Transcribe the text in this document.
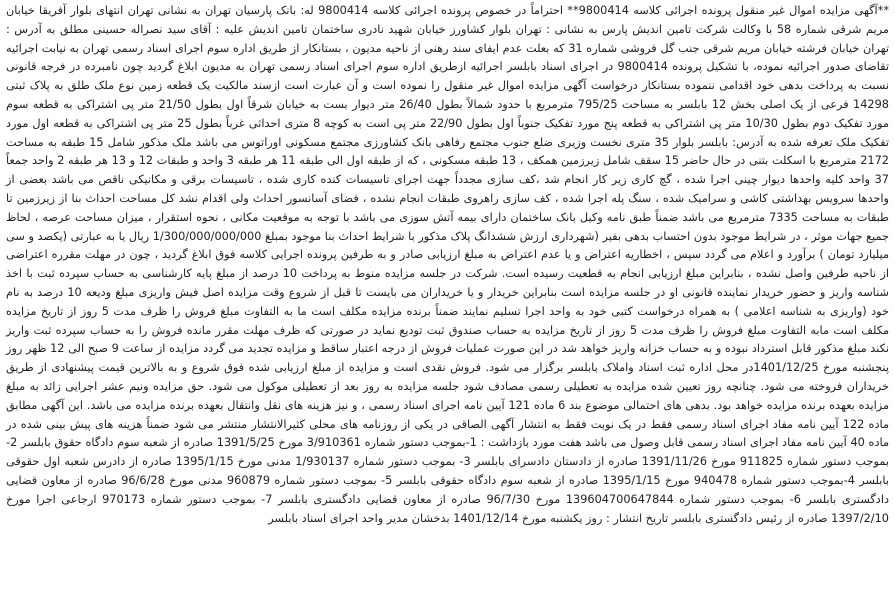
**آگهی مزایده اموال غیر منقول پرونده اجرائی کلاسه 9800414** احتراماً در خصوص پرونده اجرائی کلاسه 9800414 له: بانک پارسیان تهران به نشانی تهران انتهای بلوار آفریقا خیابان مریم شرقی شماره 58 با وکالت شرکت تامین اندیش پارس به نشانی : تهران بلوار کشاورز خیابان شهید نادری ساختمان تامین اندیش علیه : آقای سید نصراله حسینی مطلق به آدرس : تهران خیابان فرشته خیابان مریم شرقی جنب گل فروشی شماره 31 که بعلت عدم ایفای سند رهنی از ناحیه مدیون ، بستانکار از طریق اداره سوم اجرای اسناد رسمی تهران به نیابت اجرائیه تقاضای صدور اجرائیه نموده، با تشکیل پرونده 9800414 در اجرای اسناد بابلسر اجرائیه ازطریق اداره سوم اجرای اسناد رسمی تهران به مدیون ابلاغ گردید چون نامبرده در فرجه قانونی نسبت به پرداخت بدهی خود اقدامی ننموده بستانکار درخواست آگهی مزایده اموال غیر منقول را نموده است و آن عبارت است ازسند مالکیت یک قطعه زمین نوع ملک طلق به پلاک ثبتی 14298 فرعی از یک اصلی بخش 12 بابلسر به مساحت 795/25 مترمربع با حدود شمالاً بطول 26/40 متر دیوار بست به خیابان شرقاً اول بطول 21/50 متر پی اشتراکی به قطعه سوم مورد تفکیک دوم بطول 10/30 متر پی اشتراکی به قطعه پنج مورد تفکیک جنوباً اول بطول 22/90 متر پی است به کوچه 8 متری احداثی غرباً بطول 25 متر پی اشتراکی به قطعه اول مورد تفکیک ملک تعرفه شده به آدرس: بابلسر بلوار 35 متری نخست وزیری ضلع جنوب مجتمع رفاهی بانک کشاورزی مجتمع مسکونی اوراتوس می باشد ملک مذکور شامل 15 طبقه به مساحت 2172 مترمربع با اسکلت بتنی در حال حاضر 15 سقف شامل زیرزمین همکف ، 13 طبقه مسکونی ، که از طبقه اول الی طبقه 11 هر طبقه 3 واحد و طبقات 12 و 13 هر طبقه 2 واحد جمعاً 37 واحد کلیه واحدها دیوار چینی اجرا شده ، گچ کاری زیر کار انجام شد ،کف سازی مجدداً جهت اجرای تاسیسات کنده کاری شده ، تاسیسات برقی و مکانیکی ناقص می باشد بعضی از واحدها سرویس بهداشتی کاشی و سرامیک شده ، سنگ پله اجرا شده ، کف سازی راهروی طبقات انجام نشده ، فضای آسانسور احداث ولی اقدام نشد کل مساحت احداث بنا از زیرزمین تا طبقات به مساحت 7335 مترمربع می باشد ضمناً طبق نامه وکیل بانک ساختمان دارای بیمه آتش سوزی می باشد با توجه به موقعیت مکانی ، نحوه استقرار ، میزان مساحت عرصه ، لحاظ جمیع جهات موثر ، در شرایط موجود بدون احتساب بدهی بفیر (شهرداری ارزش ششدانگ پلاک مذکور با شرایط احداث بنا موجود بمبلغ 1/300/000/000/000 ریال یا به عبارتی (یکصد و سی میلیارد تومان ) برآورد و اعلام می گردد سپس ، اخطاریه اعتراض و یا عدم اعتراض به مبلغ ارزیابی صادر و به طرفین پرونده اجرایی کلاسه فوق ابلاغ گردید ، چون در مهلت مقرره اعتراضی از ناحیه طرفین واصل نشده ، بنابراین مبلغ ارزیابی انجام به قطعیت رسیده است. شرکت در جلسه مزایده منوط به پرداخت 10 درصد از مبلغ پایه کارشناسی به حساب سپرده ثبت با اخذ شناسه واریز و حضور خریدار نماینده قانونی او در جلسه مزایده است بنابراین خریدار و یا خریداران می بایست تا قبل از شروع وقت مزایده اصل فیش واریزی مبلغ ودیعه 10 درصد به نام خود (واریزی به شناسه اعلامی ) به همراه درخواست کتبی خود به واحد اجرا تسلیم نمایند ضمناً برنده مزایده مکلف است ما به التفاوت مبلغ فروش را ظرف مدت 5 روز از تاریخ مزایده مکلف است مابه التفاوت مبلغ فروش را ظرف مدت 5 روز از تاریخ مزایده به حساب صندوق ثبت تودیع نماید در صورتی که ظرف مهلت مقرر مانده فروش را به حساب سپرده ثبت واریز نکند مبلغ مذکور قابل استرداد نبوده و به حساب خزانه واریز خواهد شد در این صورت عملیات فروش از درجه اعتبار ساقط و مزایده تجدید می گردد مزایده از ساعت 9 صبح الی 12 ظهر روز پنجشنبه مورخ 1401/12/25در محل اداره ثبت اسناد واملاک بابلسر برگزار می شود. فروش نقدی است و مزایده از مبلغ ارزیابی شده فوق شروع و به بالاترین قیمت پیشنهادی از طریق خریداران فروخته می شود. چنانچه روز تعیین شده مزایده به تعطیلی رسمی مصادف شود جلسه مزایده به روز بعد از تعطیلی موکول می شود. حق مزایده ونیم عشر اجرایی زائد به مبلغ مزایده بعهده برنده مزایده خواهد بود. بدهی های احتمالی موضوع بند 6 ماده 121 آیین نامه اجرای اسناد رسمی ، و نیز هزینه های نقل وانتقال بعهده برنده مزایده می باشد. این آگهی مطابق ماده 122 آیین نامه مفاد اجرای اسناد رسمی فقط در یک نوبت فقط به انتشار آگهی الصاقی در یکی از روزنامه های محلی کثیرالانتشار منتشر می شود ضمناً هزینه های پیش بینی شده در ماده 40 آیین نامه مفاد اجرای اسناد رسمی قابل وصول می باشد هفت مورد بازداشت : 1-بموجب دستور شماره 3/910361 مورخ 1391/5/25 صادره از شعبه سوم دادگاه حقوق بابلسر 2-بموجب دستور شماره 911825 مورخ 1391/11/26 صادره از دادستان دادسرای بابلسر 3- بموجب دستور شماره 1/930137 مدنی مورخ 1395/1/15 صادره از دادرس شعبه اول حقوقی بابلسر 4-بموجب دستور شماره 940478 مورخ 1395/1/15 صادره از شعبه سوم دادگاه حقوقی بابلسر 5- بموجب دستور شماره 960879 مدنی مورخ 96/6/28 صادره از معاون قضایی دادگستری بابلسر 6- بموجب دستور شماره 139604700647844 مورخ 96/7/30 صادره از معاون قضایی دادگستری بابلسر 7- بموجب دستور شماره 970173 ارجاعی اجرا مورخ 1397/2/10 صادره از رئیس دادگستری بابلسر تاریخ انتشار : روز یکشنبه مورخ 1401/12/14 بدخشان مدیر واحد اجرای اسناد بابلسر
